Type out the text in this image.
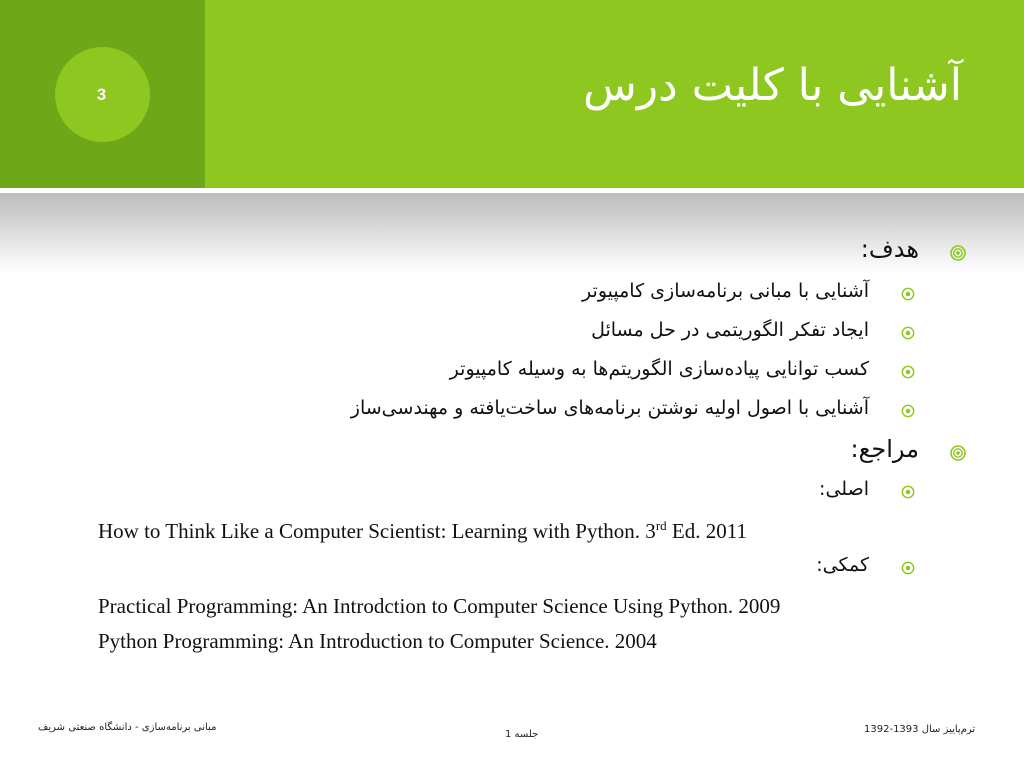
3	آشنایی با کلیت درس
هدف:
آشنایی با مبانی برنامه‌سازی کامپیوتر
ایجاد تفکر الگوریتمی در حل مسائل
کسب توانایی پیاده‌سازی الگوریتم‌ها به وسیله کامپیوتر
آشنایی با اصول اولیه نوشتن برنامه‌های ساخت‌یافته و مهندسی‌ساز
مراجع:
اصلی:
How to Think Like a Computer Scientist: Learning with Python. 3rd Ed. 2011
کمکی:
Practical Programming: An Introdction to Computer Science Using Python. 2009
Python Programming: An Introduction to Computer Science. 2004
مبانی برنامه‌سازی - دانشگاه صنعتی شریف
جلسه 1	ترم‌پاییز سال 1393-1392
